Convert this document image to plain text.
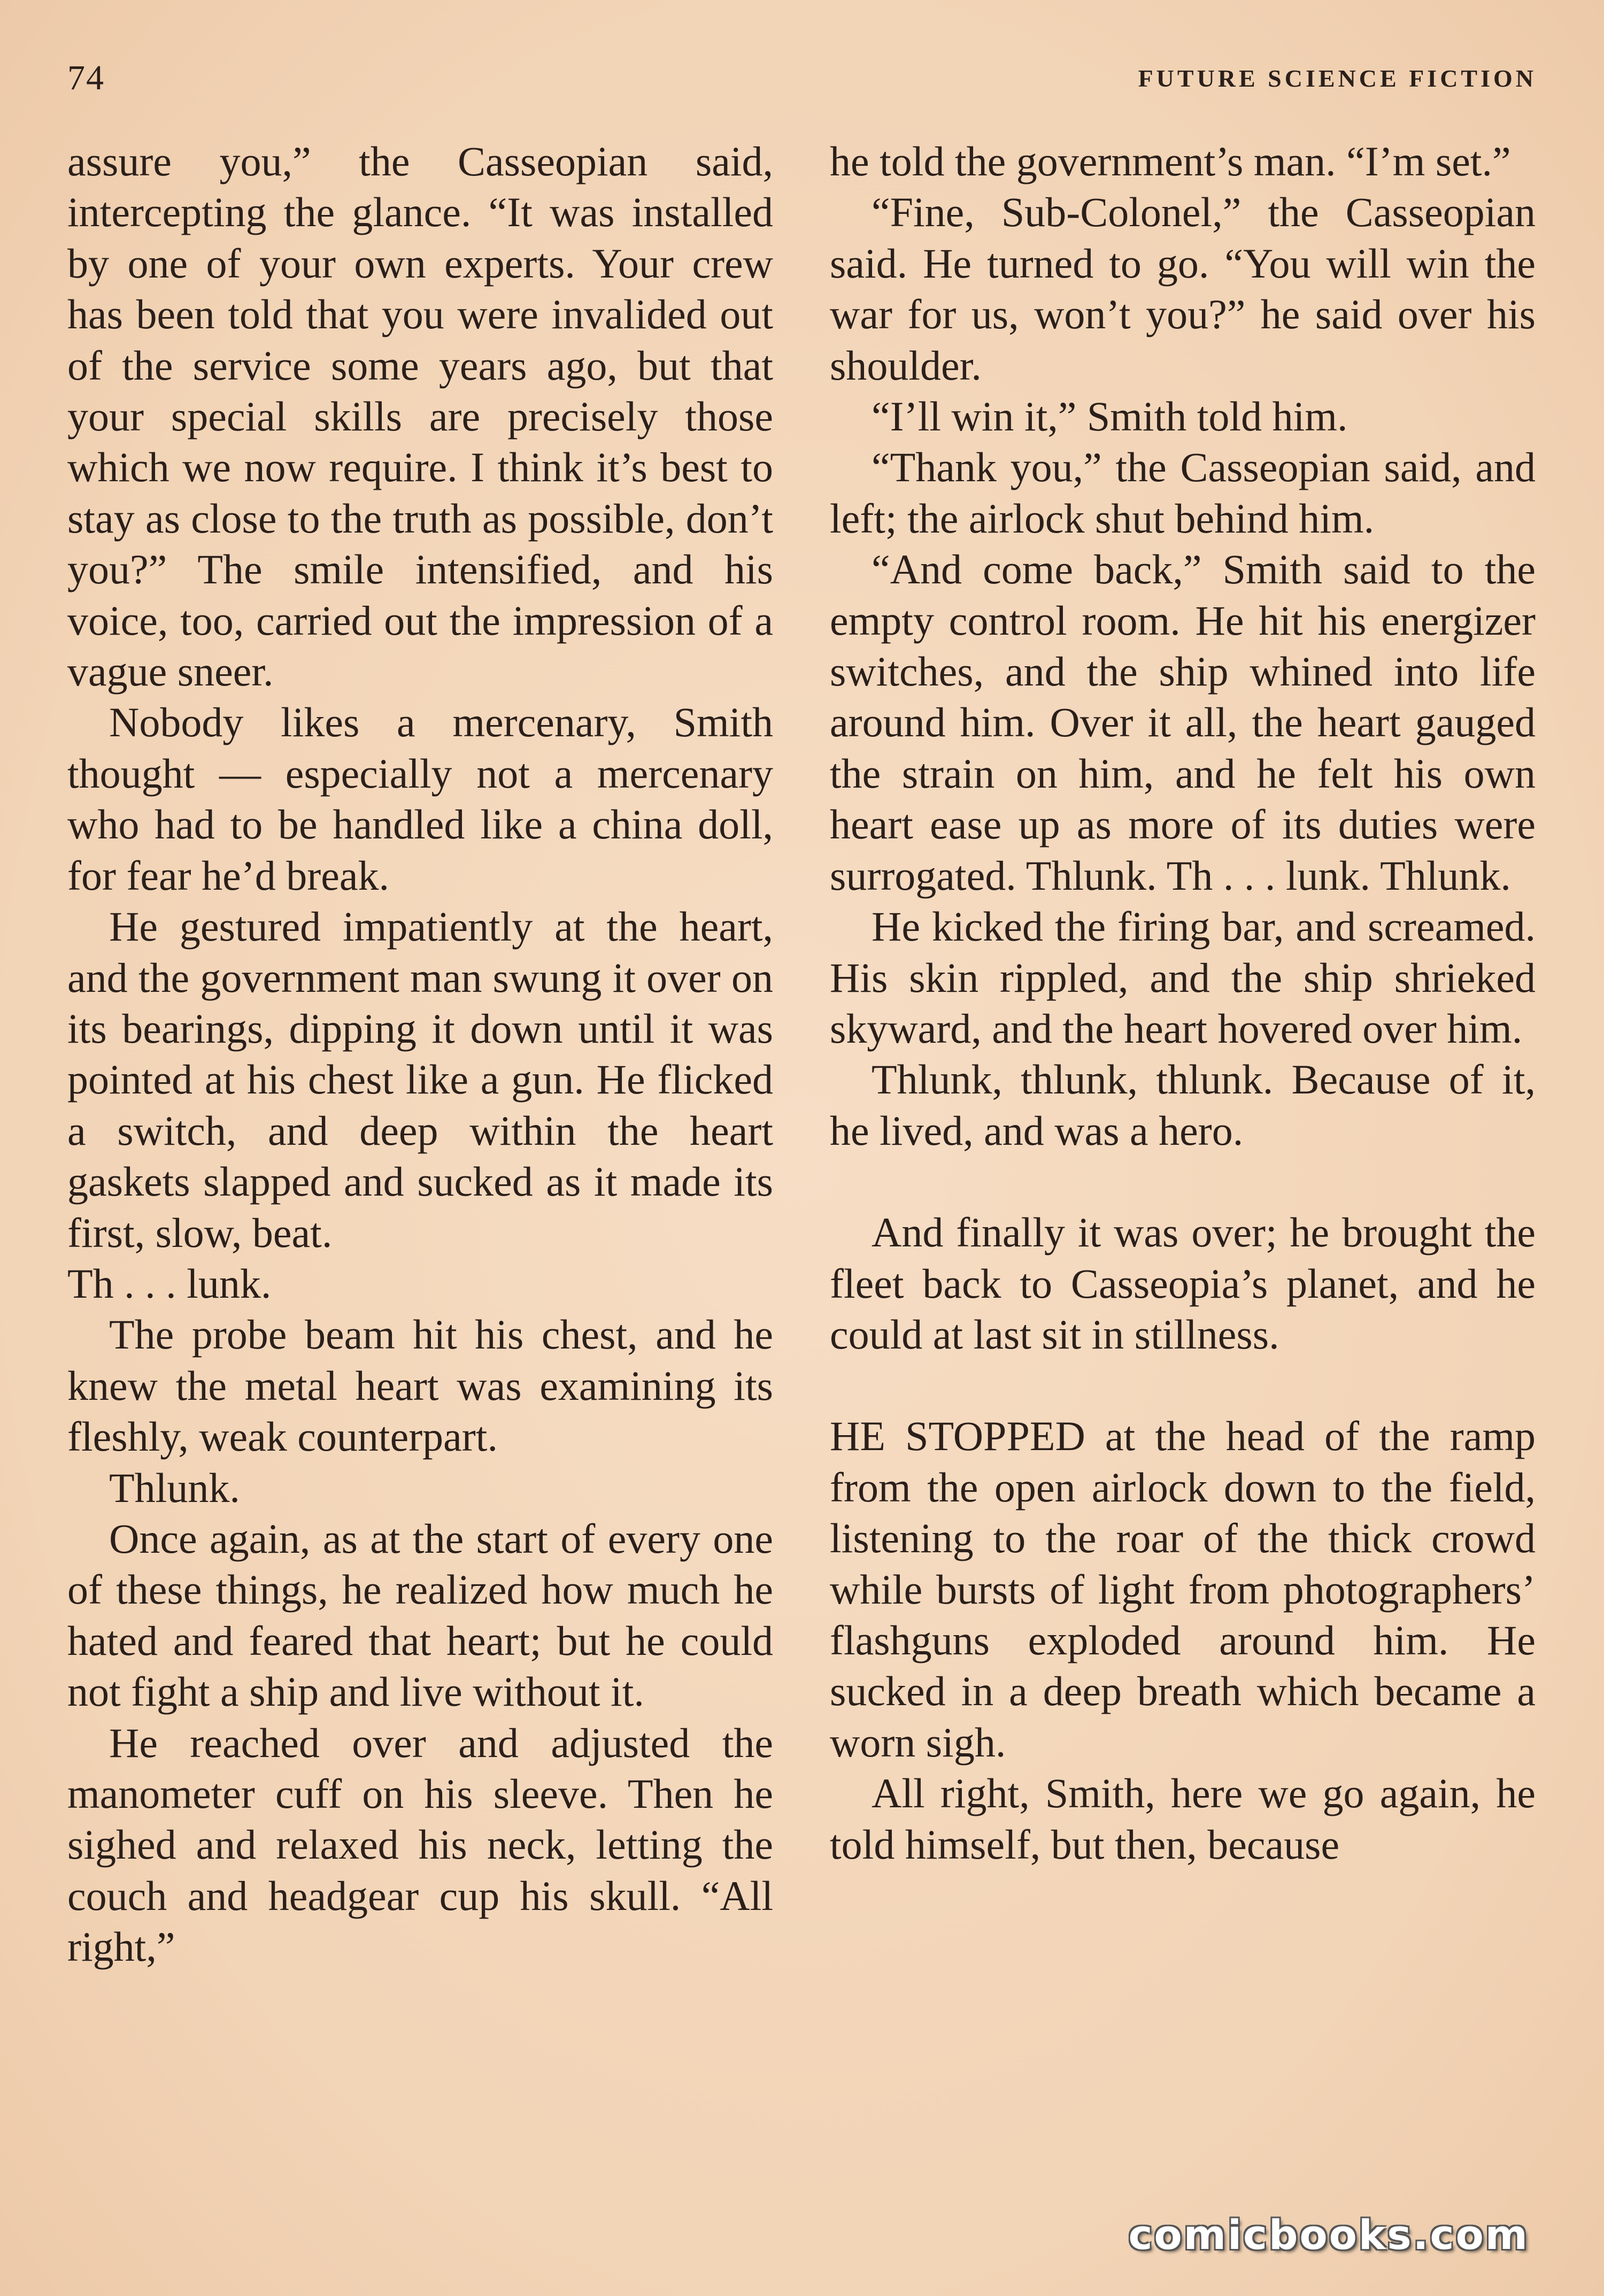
74	FUTURE SCIENCE FICTION

assure you,” the Casseopian said, intercepting the glance. “It was installed by one of your own experts. Your crew has been told that you were invalided out of the service some years ago, but that your special skills are precisely those which we now require. I think it’s best to stay as close to the truth as possible, don’t you?” The smile intensified, and his voice, too, carried out the impression of a vague sneer.

Nobody likes a mercenary, Smith thought — especially not a mercenary who had to be handled like a china doll, for fear he’d break.

He gestured impatiently at the heart, and the government man swung it over on its bearings, dipping it down until it was pointed at his chest like a gun. He flicked a switch, and deep within the heart gaskets slapped and sucked as it made its first, slow, beat.

Th . . . lunk.

The probe beam hit his chest, and he knew the metal heart was examining its fleshly, weak counterpart.

Thlunk.

Once again, as at the start of every one of these things, he realized how much he hated and feared that heart; but he could not fight a ship and live without it.

He reached over and adjusted the manometer cuff on his sleeve. Then he sighed and relaxed his neck, letting the couch and headgear cup his skull. “All right,”

he told the government’s man. “I’m set.”

“Fine, Sub-Colonel,” the Casseopian said. He turned to go. “You will win the war for us, won’t you?” he said over his shoulder.

“I’ll win it,” Smith told him.

“Thank you,” the Casseopian said, and left; the airlock shut behind him.

“And come back,” Smith said to the empty control room. He hit his energizer switches, and the ship whined into life around him. Over it all, the heart gauged the strain on him, and he felt his own heart ease up as more of its duties were surrogated. Thlunk. Th . . . lunk. Thlunk.

He kicked the firing bar, and screamed. His skin rippled, and the ship shrieked skyward, and the heart hovered over him.

Thlunk, thlunk, thlunk. Because of it, he lived, and was a hero.

And finally it was over; he brought the fleet back to Casseopia’s planet, and he could at last sit in stillness.

HE STOPPED at the head of the ramp from the open airlock down to the field, listening to the roar of the thick crowd while bursts of light from photographers’ flashguns exploded around him. He sucked in a deep breath which became a worn sigh.

All right, Smith, here we go again, he told himself, but then, because

comicbooks.com
